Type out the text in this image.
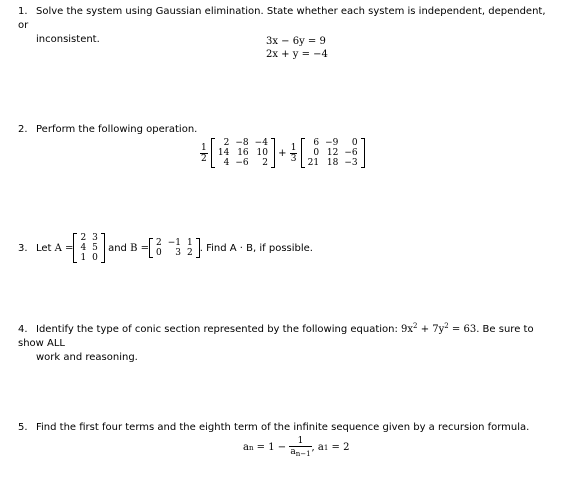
1. Solve the system using Gaussian elimination. State whether each system is independent, dependent, or
inconsistent.	3x − 6y = 9
2x + y = −4
2. Perform the following operation.
$\frac{1}{2}$
2	−8	−4
14	16	10
4	−6	2
+ $\frac{1}{3}$
6	−9	0
0	12	−6
21	18	−3
3. Let
A =
2	3
4	5
1	0

and
B = 2	−1	1
0	3	2 . Find A · B, if possible.
4. Identify the type of conic section represented by the following equation: $9x^2 + 7y^2 = 63$. Be sure to show ALL
work and reasoning.
5. Find the first four terms and the eighth term of the infinite sequence given by a recursion formula.
a $n = 1 - \frac{1}{a_{n-1}}$ , a 1 = 2
